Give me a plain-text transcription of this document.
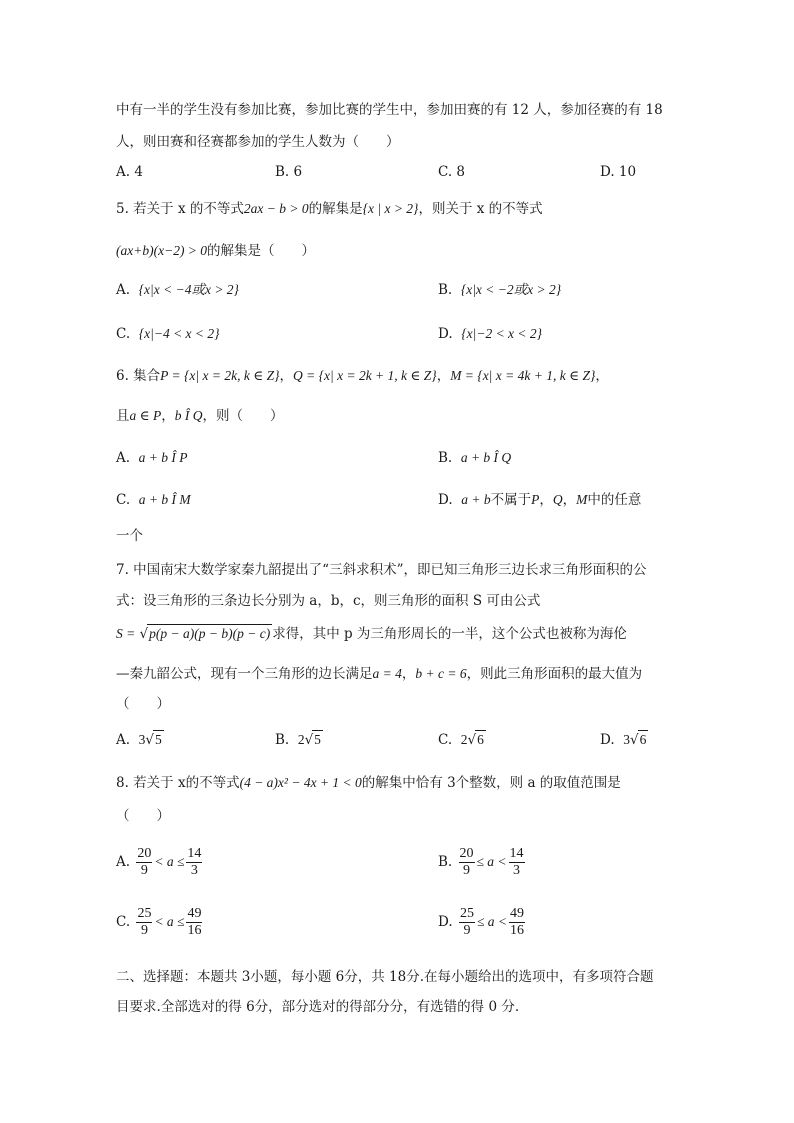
中有一半的学生没有参加比赛，参加比赛的学生中，参加田赛的有 12 人，参加径赛的有 18
人，则田赛和径赛都参加的学生人数为（　　）
A. 4	B. 6	C. 8	D. 10
5. 若关于 x 的不等式2ax − b > 0的解集是{x | x > 2}，则关于 x 的不等式
(ax+b)(x−2) > 0的解集是（　　）
A. {x|x < −4或x > 2}	B. {x|x < −2或x > 2}
C. {x|−4 < x < 2}	D. {x|−2 < x < 2}
6. 集合P = {x| x = 2k, k ∈ Z}，Q = {x| x = 2k + 1, k ∈ Z}，M = {x| x = 4k + 1, k ∈ Z}，
且a ∈ P，b Î Q，则（　　）
A. a + b Î P	B. a + b Î Q
C. a + b Î M	D. a + b不属于P，Q，M中的任意
一个
7. 中国南宋大数学家秦九韶提出了“三斜求积术”，即已知三角形三边长求三角形面积的公
式：设三角形的三条边长分别为 a，b，c，则三角形的面积 S 可由公式
S = √p(p − a)(p − b)(p − c) 求得，其中 p 为三角形周长的一半，这个公式也被称为海伦
—秦九韶公式，现有一个三角形的边长满足a = 4，b + c = 6，则此三角形面积的最大值为
（　　）
A. 3√5	B. 2√5	C. 2√6	D. 3√6
8. 若关于 x的不等式(4 − a)x² − 4x + 1 < 0的解集中恰有 3个整数，则 a 的取值范围是
（　　）
A. $\frac{20}{9} < a \le \frac{14}{3}$	B. $\frac{20}{9} \le a < \frac{14}{3}$
C. $\frac{25}{9} < a \le \frac{49}{16}$	D. $\frac{25}{9} \le a < \frac{49}{16}$
二、选择题：本题共 3小题，每小题 6分，共 18分.在每小题给出的选项中，有多项符合题
目要求.全部选对的得 6分，部分选对的得部分分，有选错的得 0 分.
